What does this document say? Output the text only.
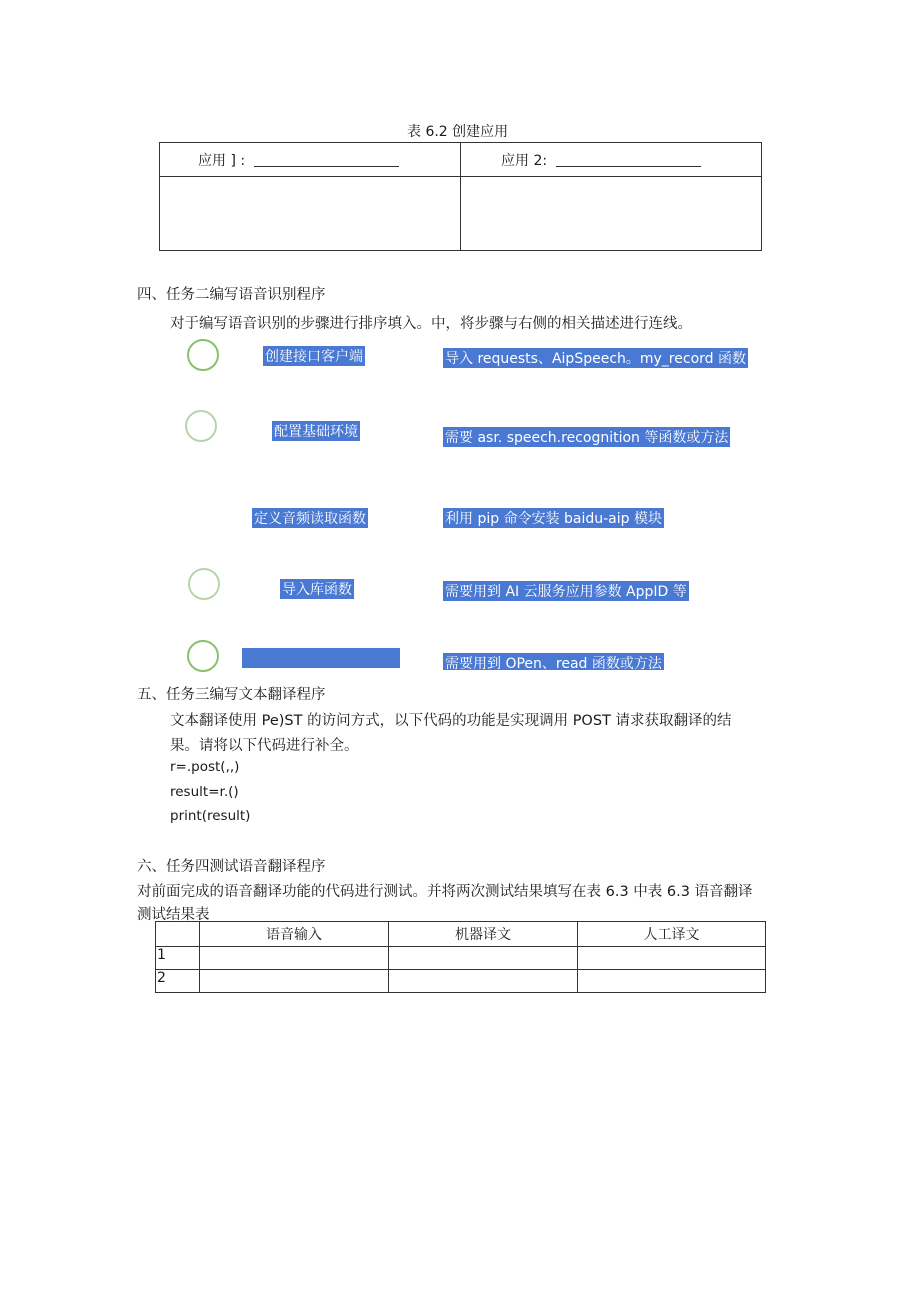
表 6.2 创建应用
应用 ] :	应用 2:

四、任务二编写语音识别程序
对于编写语音识别的步骤进行排序填入。中，将步骤与右侧的相关描述进行连线。
创建接口客户端
配置基础环境
定义音频读取函数
导入库函数
导入 requests、AipSpeech。my_record 函数
需要 asr. speech.recognition 等函数或方法
利用 pip 命令安装 baidu-aip 模块
需要用到 AI 云服务应用参数 AppID 等
需要用到 OPen、read 函数或方法
五、任务三编写文本翻译程序
文本翻译使用 Pe)ST 的访问方式，以下代码的功能是实现调用 POST 请求获取翻译的结
果。请将以下代码进行补全。
r=.post(,,)
result=r.()
print(result)
六、任务四测试语音翻译程序
对前面完成的语音翻译功能的代码进行测试。并将两次测试结果填写在表 6.3 中表 6.3 语音翻译
测试结果表
	语音输入	机器译文	人工译文
1			
2			
